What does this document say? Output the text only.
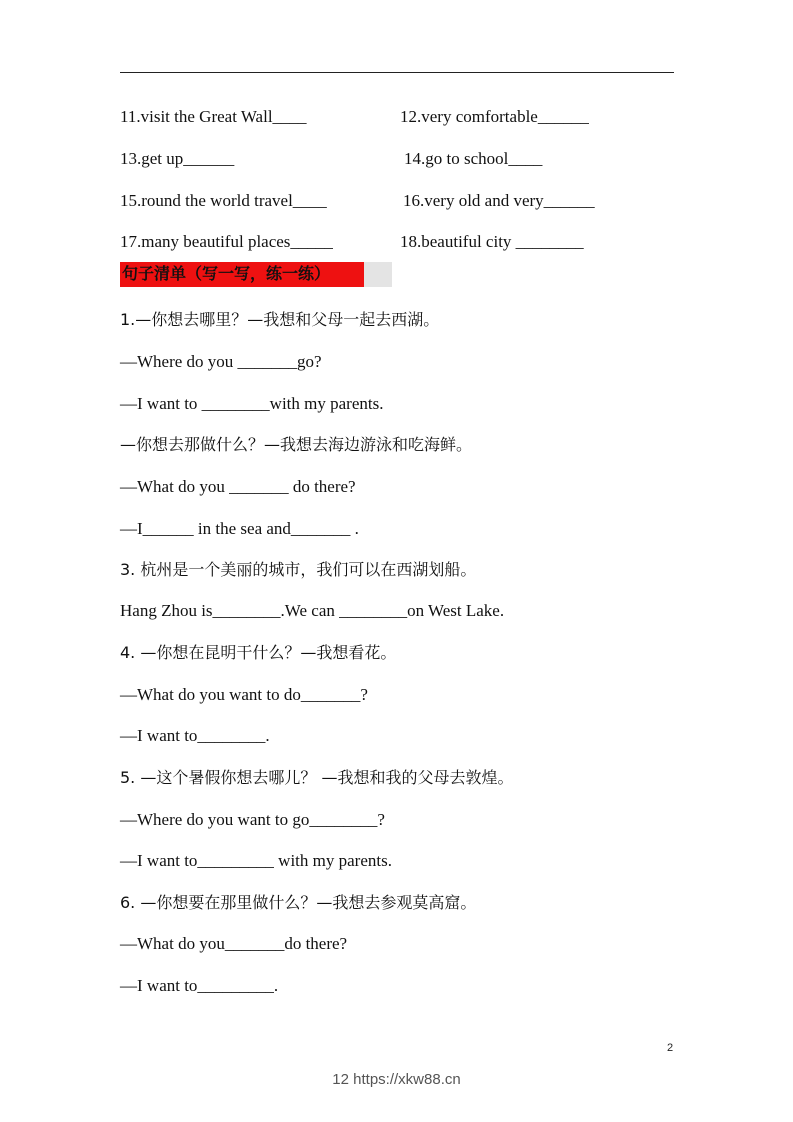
11.visit the Great Wall____	12.very comfortable______
13.get up______	14.go to school____
15.round the world travel____	16.very old and very______
17.many beautiful places_____	18.beautiful city ________
句子清单（写一写，练一练）
1.—你想去哪里？—我想和父母一起去西湖。
—Where do you _______go?
—I want to ________with my parents.
—你想去那做什么？—我想去海边游泳和吃海鲜。
—What do you _______ do there?
—I______ in the sea and_______ .
3. 杭州是一个美丽的城市，我们可以在西湖划船。
Hang Zhou is________.We can ________on West Lake.
4. —你想在昆明干什么？—我想看花。
—What do you want to do_______?
—I want to________.
5. —这个暑假你想去哪儿？ —我想和我的父母去敦煌。
—Where do you want to go________?
—I want to_________ with my parents.
6. —你想要在那里做什么？—我想去参观莫高窟。
—What do you_______do there?
—I want to_________.
2
12 https://xkw88.cn
